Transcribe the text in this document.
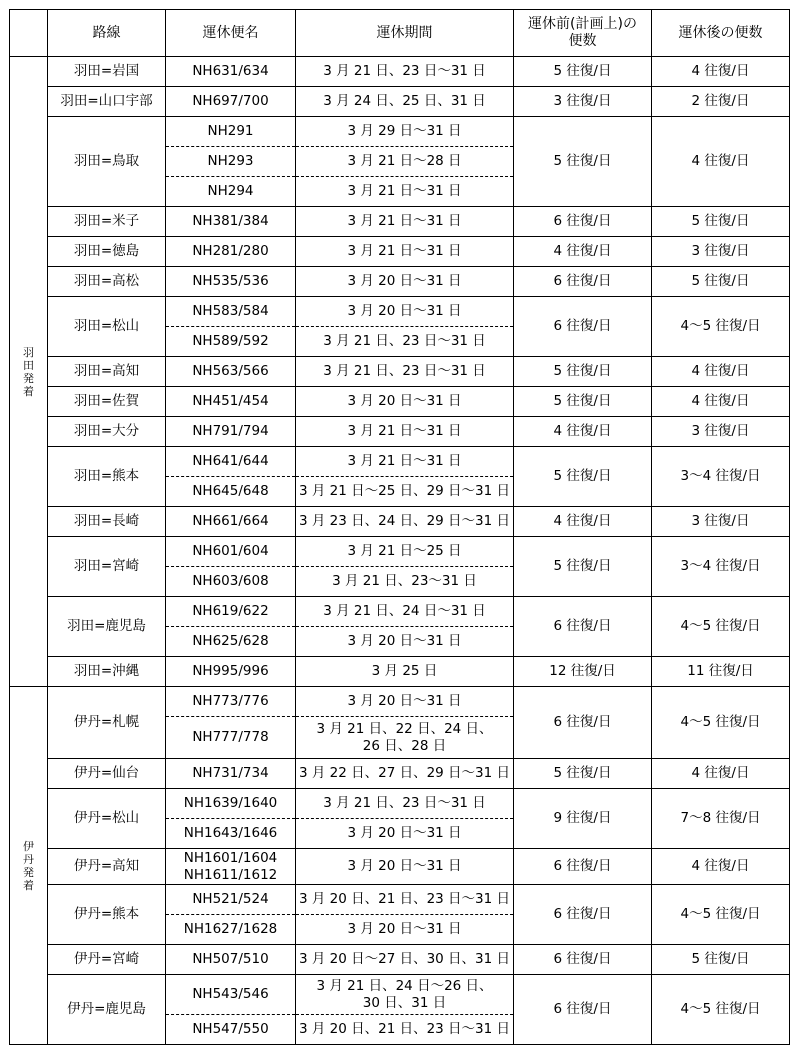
	路線	運休便名	運休期間	運休前(計画上)の
便数	運休後の便数
羽田発着	羽田=岩国	NH631/634	3 月 21 日、23 日〜31 日	5 往復/日	4 往復/日
	羽田=山口宇部	NH697/700	3 月 24 日、25 日、31 日	3 往復/日	2 往復/日
	羽田=鳥取	NH291	3 月 29 日〜31 日	5 往復/日	4 往復/日
		NH293	3 月 21 日〜28 日		
		NH294	3 月 21 日〜31 日		
	羽田=米子	NH381/384	3 月 21 日〜31 日	6 往復/日	5 往復/日
	羽田=徳島	NH281/280	3 月 21 日〜31 日	4 往復/日	3 往復/日
	羽田=高松	NH535/536	3 月 20 日〜31 日	6 往復/日	5 往復/日
	羽田=松山	NH583/584	3 月 20 日〜31 日	6 往復/日	4〜5 往復/日
		NH589/592	3 月 21 日、23 日〜31 日		
	羽田=高知	NH563/566	3 月 21 日、23 日〜31 日	5 往復/日	4 往復/日
	羽田=佐賀	NH451/454	3 月 20 日〜31 日	5 往復/日	4 往復/日
	羽田=大分	NH791/794	3 月 21 日〜31 日	4 往復/日	3 往復/日
	羽田=熊本	NH641/644	3 月 21 日〜31 日	5 往復/日	3〜4 往復/日
		NH645/648	3 月 21 日〜25 日、29 日〜31 日		
	羽田=長崎	NH661/664	3 月 23 日、24 日、29 日〜31 日	4 往復/日	3 往復/日
	羽田=宮崎	NH601/604	3 月 21 日〜25 日	5 往復/日	3〜4 往復/日
		NH603/608	3 月 21 日、23〜31 日		
	羽田=鹿児島	NH619/622	3 月 21 日、24 日〜31 日	6 往復/日	4〜5 往復/日
		NH625/628	3 月 20 日〜31 日		
	羽田=沖縄	NH995/996	3 月 25 日	12 往復/日	11 往復/日
伊丹発着	伊丹=札幌	NH773/776	3 月 20 日〜31 日	6 往復/日	4〜5 往復/日
		NH777/778	3 月 21 日、22 日、24 日、
26 日、28 日		
	伊丹=仙台	NH731/734	3 月 22 日、27 日、29 日〜31 日	5 往復/日	4 往復/日
	伊丹=松山	NH1639/1640	3 月 21 日、23 日〜31 日	9 往復/日	7〜8 往復/日
		NH1643/1646	3 月 20 日〜31 日		
	伊丹=高知	NH1601/1604
NH1611/1612	3 月 20 日〜31 日	6 往復/日	4 往復/日
	伊丹=熊本	NH521/524	3 月 20 日、21 日、23 日〜31 日	6 往復/日	4〜5 往復/日
		NH1627/1628	3 月 20 日〜31 日		
	伊丹=宮崎	NH507/510	3 月 20 日〜27 日、30 日、31 日	6 往復/日	5 往復/日
	伊丹=鹿児島	NH543/546	3 月 21 日、24 日〜26 日、
30 日、31 日	6 往復/日	4〜5 往復/日
		NH547/550	3 月 20 日、21 日、23 日〜31 日		
